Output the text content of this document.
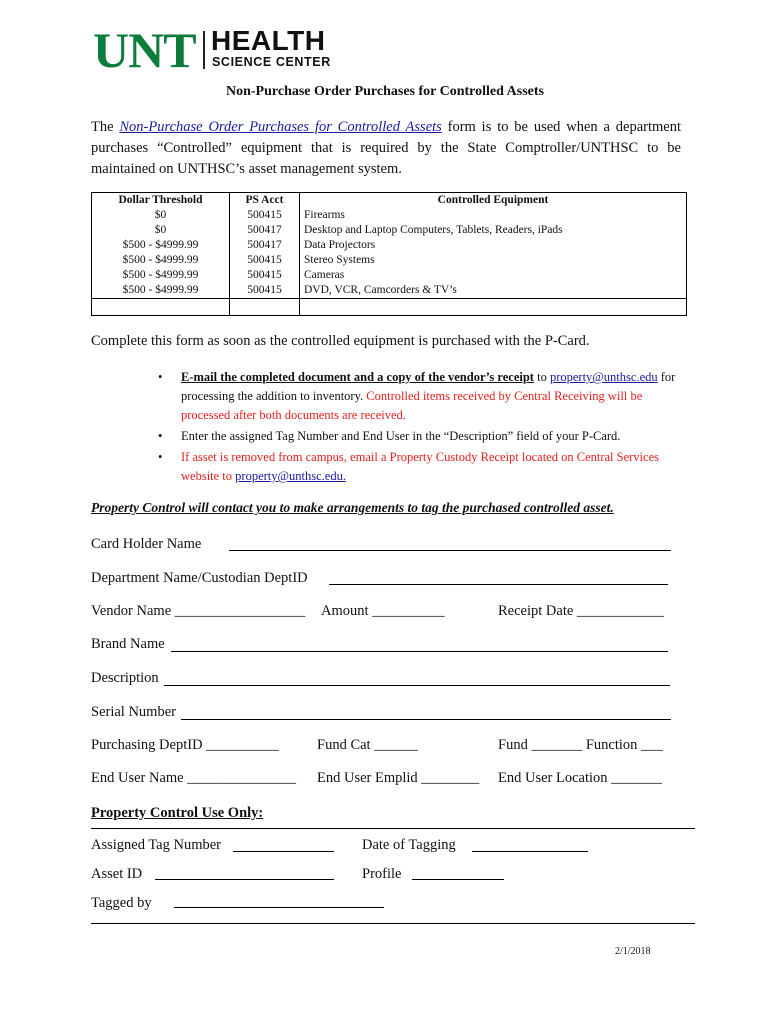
UNT HEALTH
SCIENCE CENTER
Non-Purchase Order Purchases for Controlled Assets
The Non-Purchase Order Purchases for Controlled Assets form is to be used when a department purchases “Controlled” equipment that is required by the State Comptroller/UNTHSC to be maintained on UNTHSC’s asset management system.
Dollar Threshold	PS Acct	Controlled Equipment
$0	500415	Firearms
$0	500417	Desktop and Laptop Computers, Tablets, Readers, iPads
$500 - $4999.99	500417	Data Projectors
$500 - $4999.99	500415	Stereo Systems
$500 - $4999.99	500415	Cameras
$500 - $4999.99	500415	DVD, VCR, Camcorders & TV’s

Complete this form as soon as the controlled equipment is purchased with the P-Card.
• E-mail the completed document and a copy of the vendor’s receipt to property@unthsc.edu for processing the addition to inventory. Controlled items received by Central Receiving will be processed after both documents are received.
• Enter the assigned Tag Number and End User in the “Description” field of your P-Card.
• If asset is removed from campus, email a Property Custody Receipt located on Central Services website to property@unthsc.edu.
Property Control will contact you to make arrangements to tag the purchased controlled asset.
Card Holder Name
Department Name/Custodian DeptID
Vendor Name __________________ Amount __________	Receipt Date ____________
Brand Name
Description
Serial Number
Purchasing DeptID __________	Fund Cat ______	Fund _______ Function ___
End User Name _______________ End User Emplid ________ End User Location _______
Property Control Use Only:
Assigned Tag Number	Date of Tagging
Asset ID	Profile
Tagged by
2/1/2018
